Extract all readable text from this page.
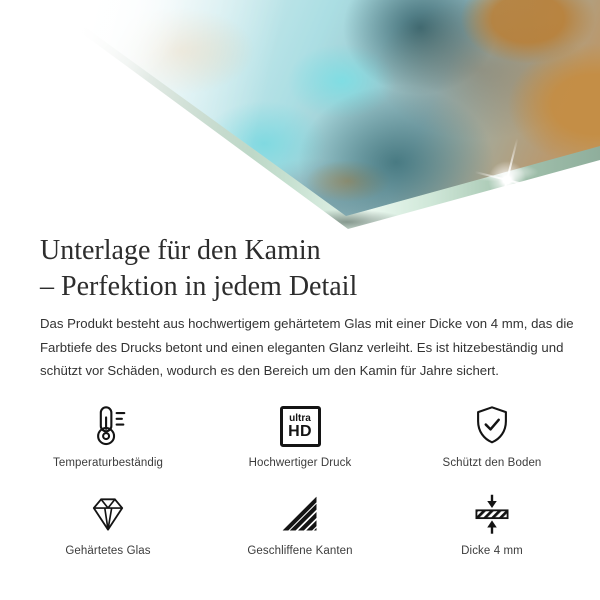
Unterlage für den Kamin
– Perfektion in jedem Detail
Das Produkt besteht aus hochwertigem gehärtetem Glas mit einer Dicke von 4 mm, das die
Farbtiefe des Drucks betont und einen eleganten Glanz verleiht. Es ist hitzebeständig und
schützt vor Schäden, wodurch es den Bereich um den Kamin für Jahre sichert.
Temperaturbeständig
ultra
HD
Hochwertiger Druck	Schützt den Boden
Gehärtetes Glas	Geschliffene Kanten	Dicke 4 mm
